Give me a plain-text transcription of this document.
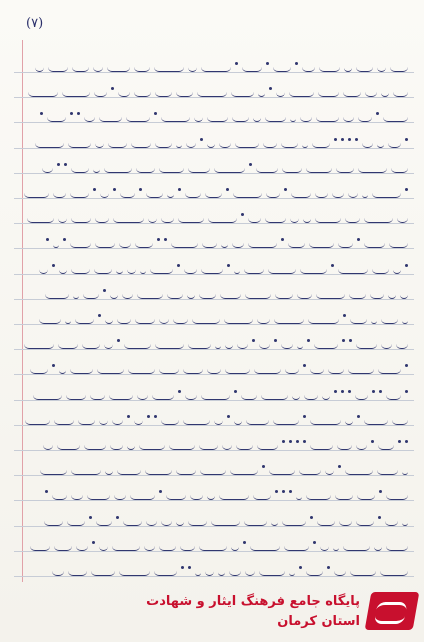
(٧)
پایگاه جامع فرهنگ ایثار و شهادت
استان کرمان
